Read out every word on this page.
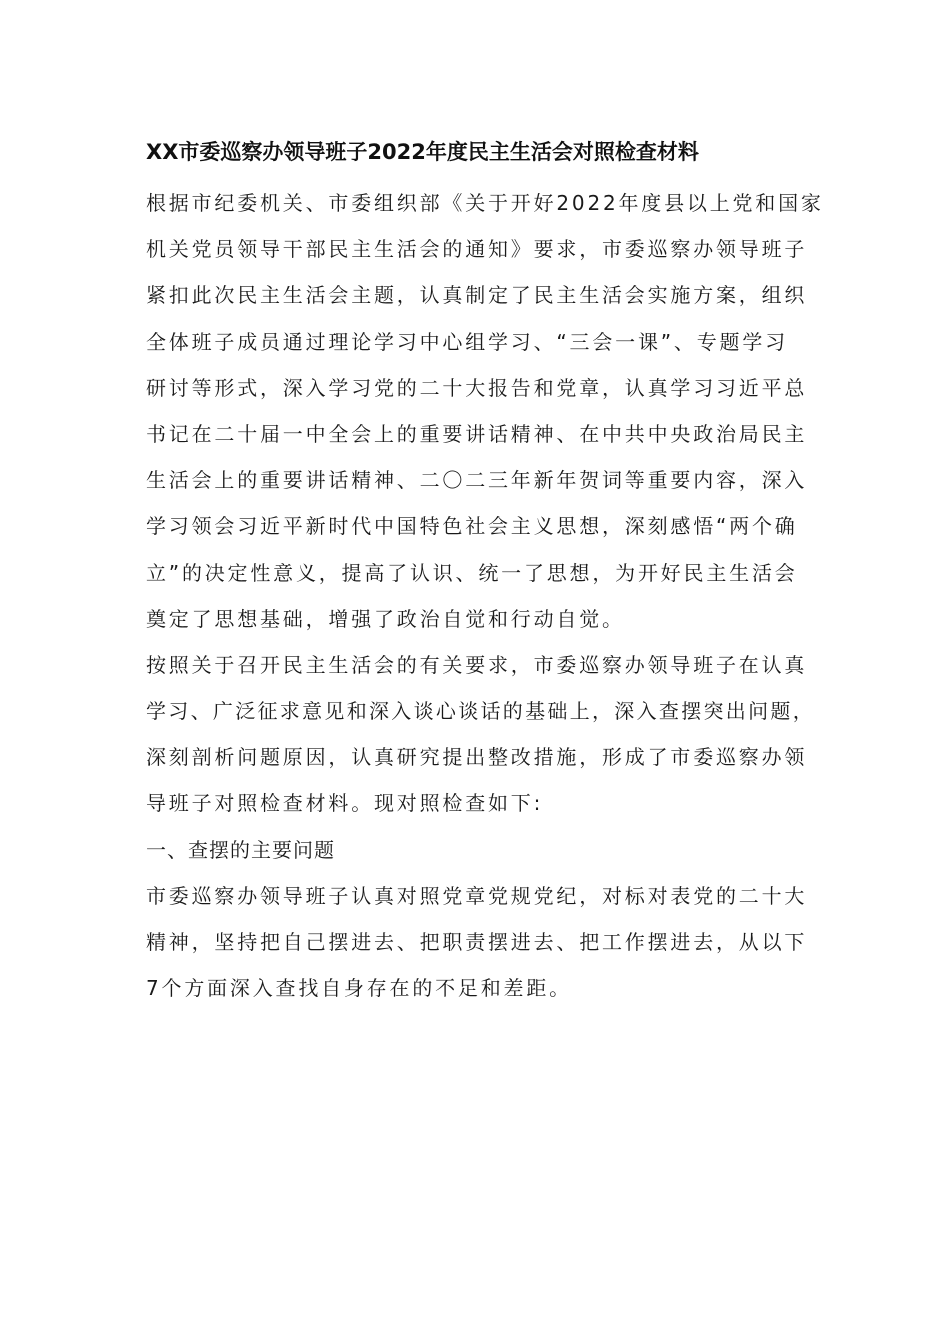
XX市委巡察办领导班子2022年度民主生活会对照检查材料

根据市纪委机关、市委组织部《关于开好2022年度县以上党和国家
机关党员领导干部民主生活会的通知》要求，市委巡察办领导班子
紧扣此次民主生活会主题，认真制定了民主生活会实施方案，组织
全体班子成员通过理论学习中心组学习、“三会一课”、专题学习
研讨等形式，深入学习党的二十大报告和党章，认真学习习近平总
书记在二十届一中全会上的重要讲话精神、在中共中央政治局民主
生活会上的重要讲话精神、二〇二三年新年贺词等重要内容，深入
学习领会习近平新时代中国特色社会主义思想，深刻感悟“两个确
立”的决定性意义，提高了认识、统一了思想，为开好民主生活会
奠定了思想基础，增强了政治自觉和行动自觉。

按照关于召开民主生活会的有关要求，市委巡察办领导班子在认真
学习、广泛征求意见和深入谈心谈话的基础上，深入查摆突出问题，
深刻剖析问题原因，认真研究提出整改措施，形成了市委巡察办领
导班子对照检查材料。现对照检查如下:

一、查摆的主要问题

市委巡察办领导班子认真对照党章党规党纪，对标对表党的二十大
精神，坚持把自己摆进去、把职责摆进去、把工作摆进去，从以下
7个方面深入查找自身存在的不足和差距。
